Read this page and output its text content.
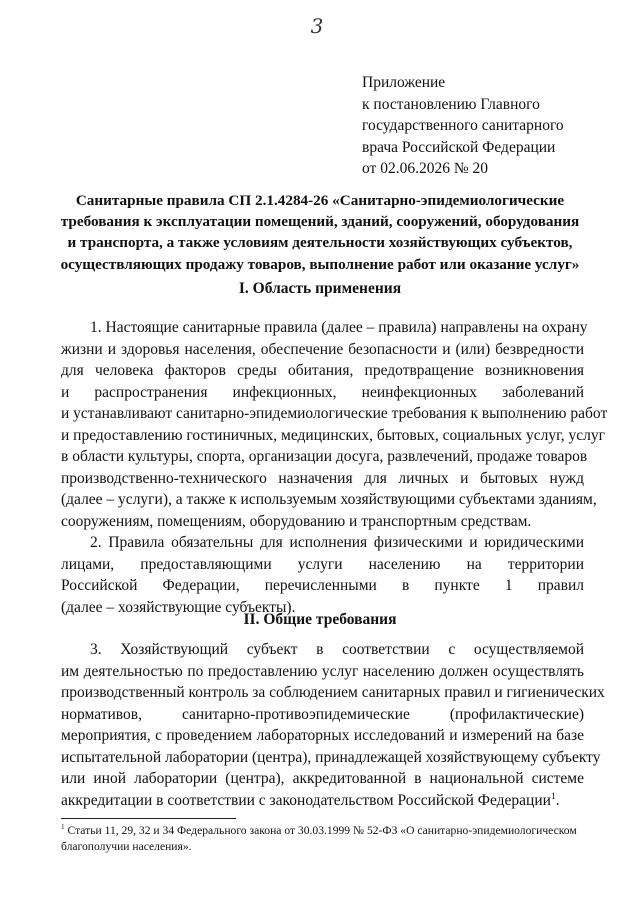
3
Приложение
к постановлению Главного
государственного санитарного
врача Российской Федерации
от 02.06.2026 № 20
Санитарные правила СП 2.1.4284-26 «Санитарно-эпидемиологические
требования к эксплуатации помещений, зданий, сооружений, оборудования
и транспорта, а также условиям деятельности хозяйствующих субъектов,
осуществляющих продажу товаров, выполнение работ или оказание услуг»
I. Область применения
1. Настоящие санитарные правила (далее – правила) направлены на охрану
жизни и здоровья населения, обеспечение безопасности и (или) безвредности
для человека факторов среды обитания, предотвращение возникновения
и распространения инфекционных, неинфекционных заболеваний
и устанавливают санитарно-эпидемиологические требования к выполнению работ
и предоставлению гостиничных, медицинских, бытовых, социальных услуг, услуг
в области культуры, спорта, организации досуга, развлечений, продаже товаров
производственно-технического назначения для личных и бытовых нужд
(далее – услуги), а также к используемым хозяйствующими субъектами зданиям,
сооружениям, помещениям, оборудованию и транспортным средствам.
2. Правила обязательны для исполнения физическими и юридическими
лицами, предоставляющими услуги населению на территории
Российской Федерации, перечисленными в пункте 1 правил
(далее – хозяйствующие субъекты).
II. Общие требования
3. Хозяйствующий субъект в соответствии с осуществляемой
им деятельностью по предоставлению услуг населению должен осуществлять
производственный контроль за соблюдением санитарных правил и гигиенических
нормативов, санитарно-противоэпидемические (профилактические)
мероприятия, с проведением лабораторных исследований и измерений на базе
испытательной лаборатории (центра), принадлежащей хозяйствующему субъекту
или иной лаборатории (центра), аккредитованной в национальной системе
аккредитации в соответствии с законодательством Российской Федерации$^1$.
$^1$ Статьи 11, 29, 32 и 34 Федерального закона от 30.03.1999 № 52-ФЗ «О санитарно-эпидемиологическом
благополучии населения».
